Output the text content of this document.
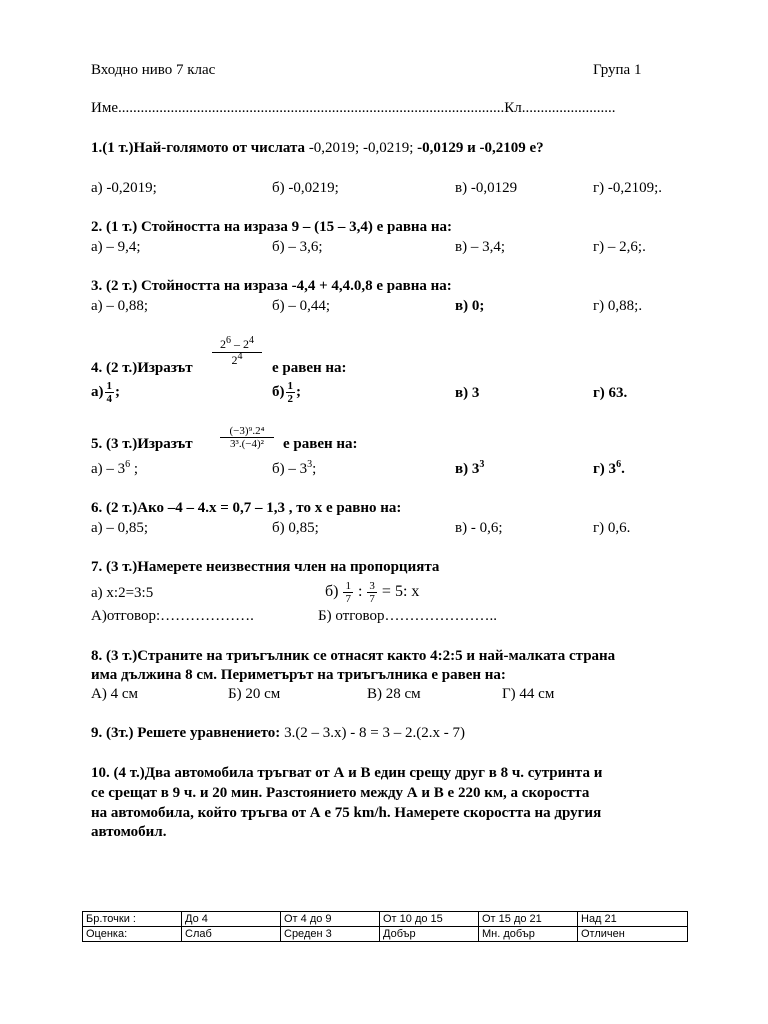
Входно ниво 7 клас	Група 1
Име.......................................................................................................Кл.........................
1.(1 т.)Най-голямото от числата -0,2019; -0,0219; -0,0129 и -0,2109 е?
а) -0,2019;	б) -0,0219;	в) -0,0129	г) -0,2109;.
2. (1 т.) Стойността на израза 9 – (15 – 3,4) е равна на:
а) – 9,4;	б) – 3,6;	в) – 3,4;	г) – 2,6;.
3. (2 т.) Стойността на израза -4,4 + 4,4.0,8 е равна на:
а) – 0,88;	б) – 0,44;	в) 0;	г) 0,88;.
$2^6 - 2^4$
$2^4$
4. (2 т.)Изразът	е равен на:
$а) \frac{1}{4}$ ;	$б) \frac{1}{2}$ ;	в) 3	г) 63.
5. (3 т.)Изразът
(−3)⁹.2⁴
3³.(−4)² е равен на:
$а) - 3^6$ ;	$б) - 3^3$;	в) $3^3$	г) $3^6$.
6. (2 т.)Ако –4 – 4.x = 0,7 – 1,3 , то x е равно на:
а) – 0,85;	б) 0,85;	в) - 0,6;	г) 0,6.
7. (3 т.)Намерете неизвестния член на пропорцията
а) x:2=3:5	$б) \frac{1}{7}$ : $\frac{3}{7} = 5$: x
А)отговор:……………….	Б) отговор…………………..
8. (3 т.)Страните на триъгълник се отнасят както 4:2:5 и най-малката страна
има дължина 8 см. Периметърът на триъгълника е равен на:
А) 4 см	Б) 20 см	В) 28 см	Г) 44 см
9. (3т.) Решете уравнението: 3.(2 – 3.x) - 8 = 3 – 2.(2.x - 7)
10. (4 т.)Два автомобила тръгват от А и В един срещу друг в 8 ч. сутринта и
се срещат в 9 ч. и 20 мин. Разстоянието между А и В е 220 км, а скоростта
на автомобила, който тръгва от А е 75 km/h. Намерете скоростта на другия
автомобил.
Бр.точки :	До 4	От 4 до 9	От 10 до 15	От 15 до 21	Над 21
Оценка:	Слаб	Среден 3	Добър	Мн. добър	Отличен
